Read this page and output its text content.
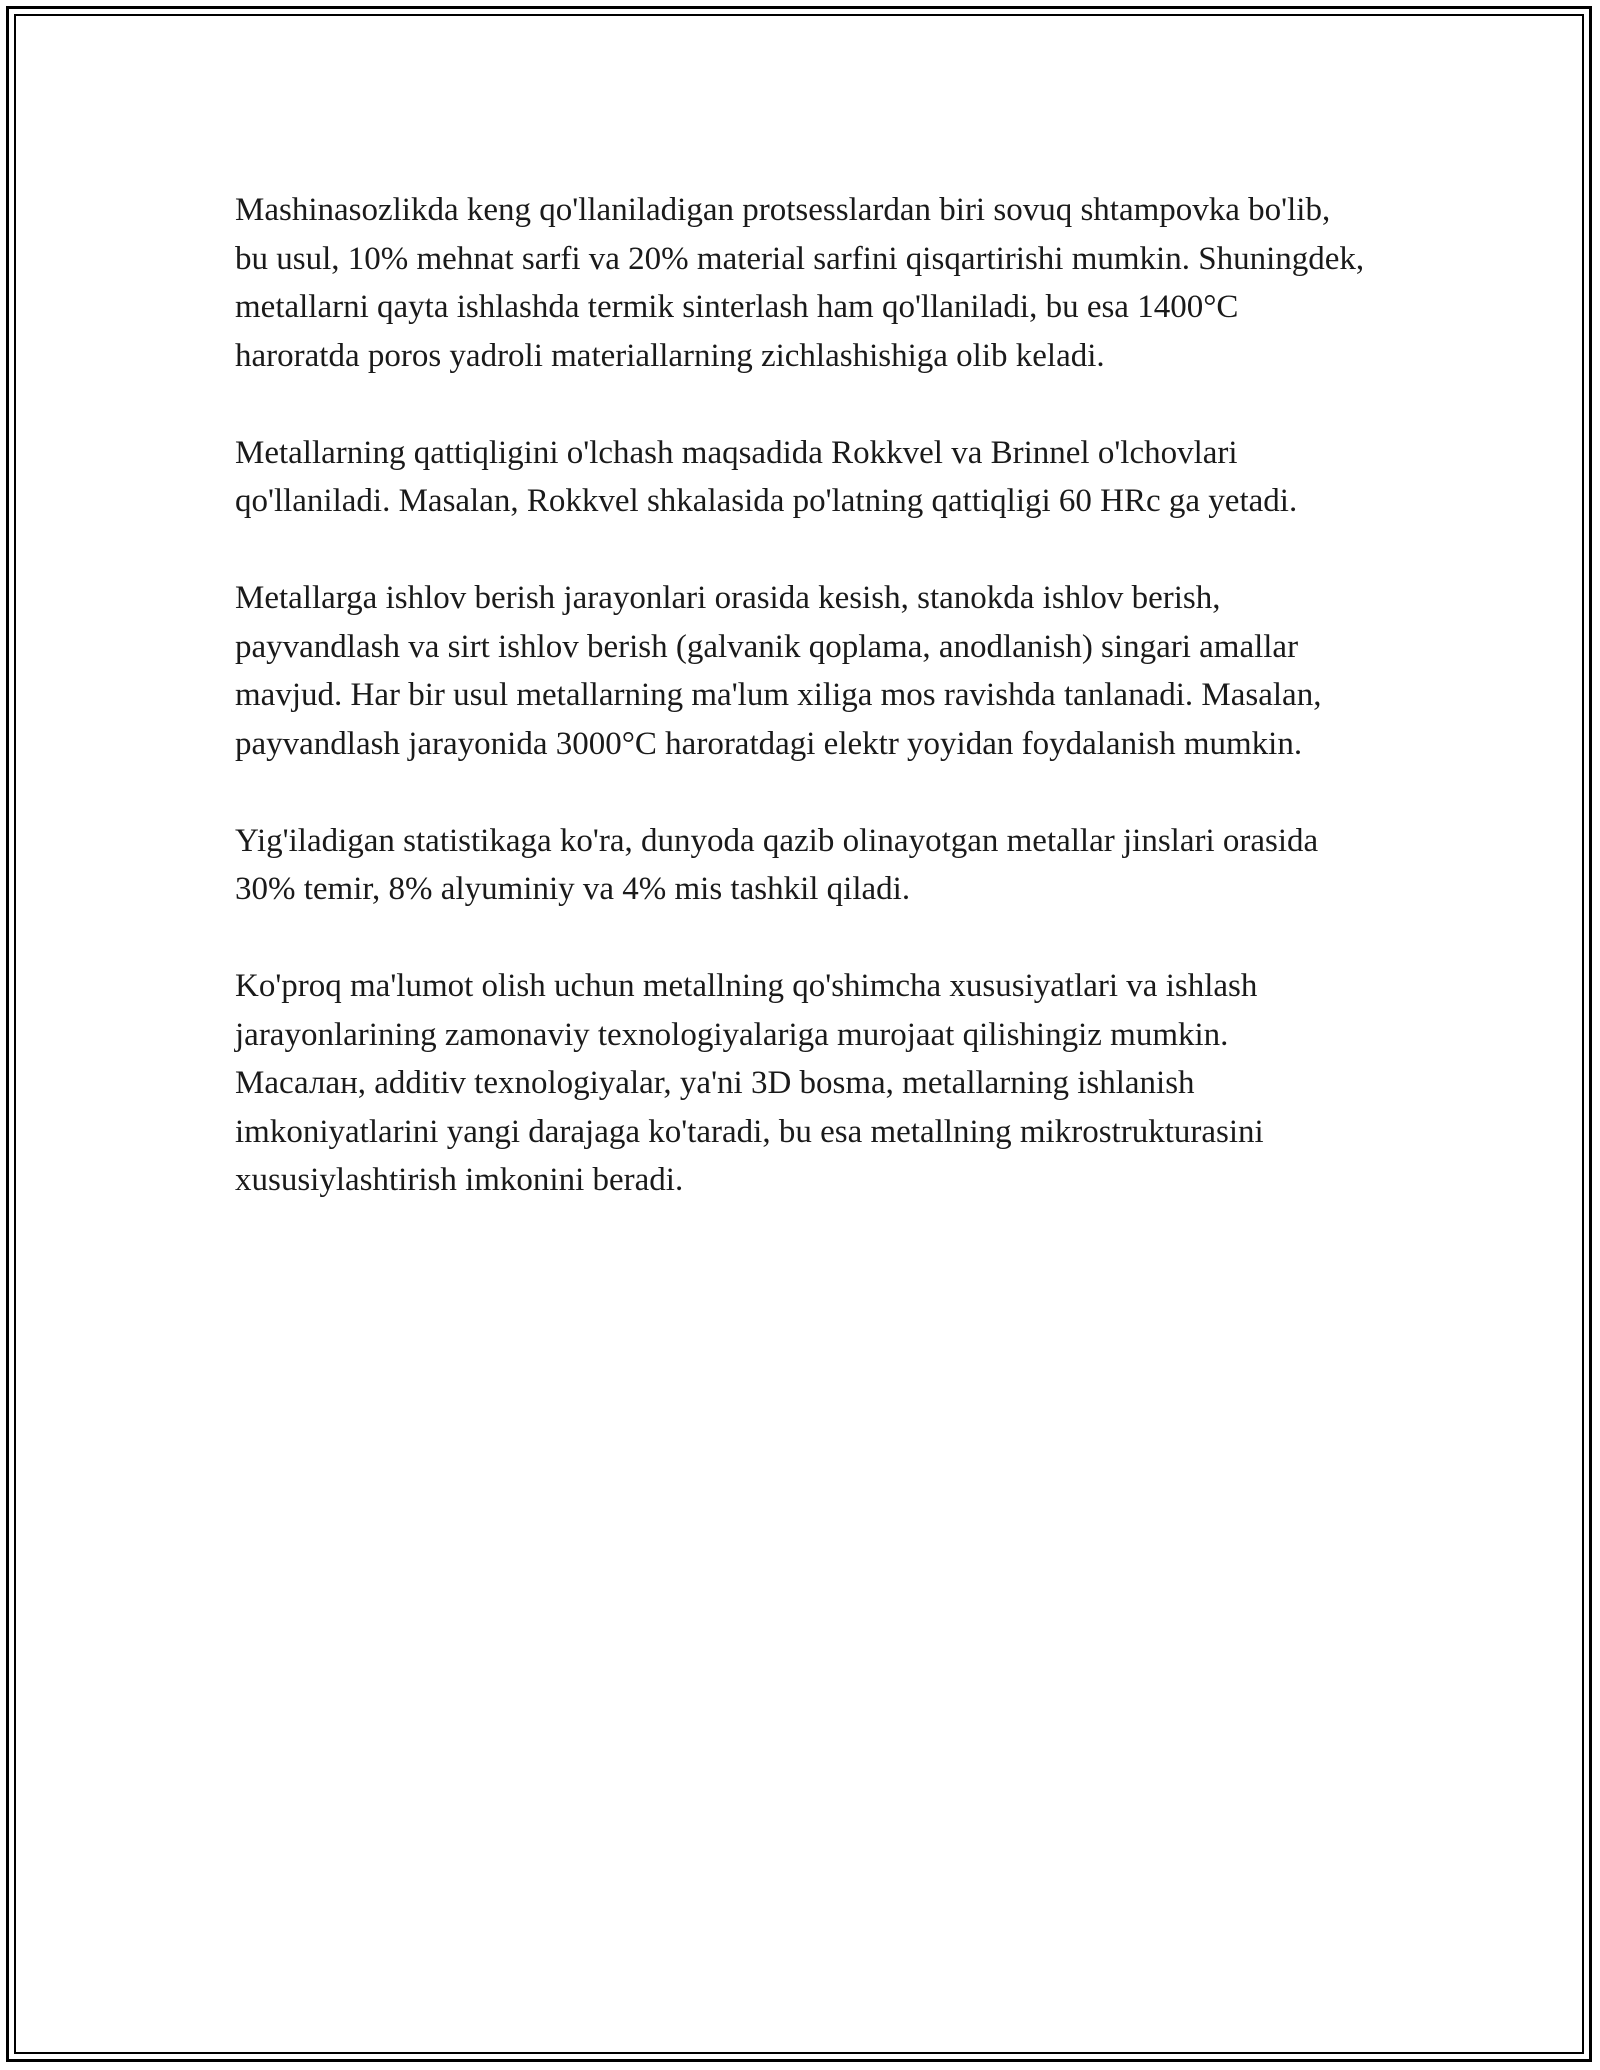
Mashinasozlikda keng qo'llaniladigan protsesslardan biri sovuq shtampovka bo'lib, bu usul, 10% mehnat sarfi va 20% material sarfini qisqartirishi mumkin. Shuningdek, metallarni qayta ishlashda termik sinterlash ham qo'llaniladi, bu esa 1400°C haroratda poros yadroli materiallarning zichlashishiga olib keladi.

Metallarning qattiqligini o'lchash maqsadida Rokkvel va Brinnel o'lchovlari qo'llaniladi. Masalan, Rokkvel shkalasida po'latning qattiqligi 60 HRc ga yetadi.

Metallarga ishlov berish jarayonlari orasida kesish, stanokda ishlov berish, payvandlash va sirt ishlov berish (galvanik qoplama, anodlanish) singari amallar mavjud. Har bir usul metallarning ma'lum xiliga mos ravishda tanlanadi. Masalan, payvandlash jarayonida 3000°C haroratdagi elektr yoyidan foydalanish mumkin.

Yig'iladigan statistikaga ko'ra, dunyoda qazib olinayotgan metallar jinslari orasida 30% temir, 8% alyuminiy va 4% mis tashkil qiladi.

Ko'proq ma'lumot olish uchun metallning qo'shimcha xususiyatlari va ishlash jarayonlarining zamonaviy texnologiyalariga murojaat qilishingiz mumkin. Масалан, additiv texnologiyalar, ya'ni 3D bosma, metallarning ishlanish imkoniyatlarini yangi darajaga ko'taradi, bu esa metallning mikrostrukturasini xususiylashtirish imkonini beradi.
